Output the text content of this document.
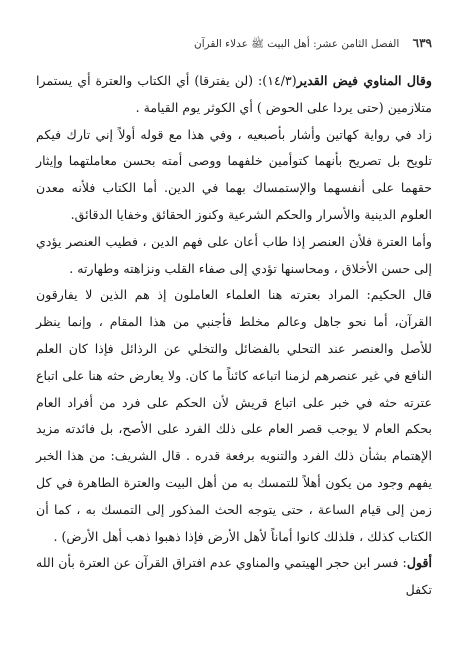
٦٣٩ الفصل الثامن عشر: أهل البيت ﷺ عدلاء القرآن

وقال المناوي فيض القدير(١٤/٣): (لن يفترقا) أي الكتاب والعترة أي يستمرا متلازمين (حتى يردا على الحوض ) أي الكوثر يوم القيامة .

زاد في رواية كهاتين وأشار بأصبعيه ، وفي هذا مع قوله أولاً إني تارك فيكم تلويح بل تصريح بأنهما كتوأمين خلفهما ووصى أمته بحسن معاملتهما وإيثار حقهما على أنفسهما والإستمساك بهما في الدين. أما الكتاب فلأنه معدن العلوم الدينية والأسرار والحكم الشرعية وكنوز الحقائق وخفايا الدقائق.

وأما العترة فلأن العنصر إذا طاب أعان على فهم الدين ، فطيب العنصر يؤدي إلى حسن الأخلاق ، ومحاسنها تؤدي إلى صفاء القلب ونزاهته وطهارته .

قال الحكيم: المراد بعترته هنا العلماء العاملون إذ هم الذين لا يفارقون القرآن، أما نحو جاهل وعالم مخلط فأجنبي من هذا المقام ، وإنما ينظر للأصل والعنصر عند التحلي بالفضائل والتخلي عن الرذائل فإذا كان العلم النافع في غير عنصرهم لزمنا اتباعه كائناً ما كان. ولا يعارض حثه هنا على اتباع عترته حثه في خبر على اتباع قريش لأن الحكم على فرد من أفراد العام بحكم العام لا يوجب قصر العام على ذلك الفرد على الأصح، بل فائدته مزيد الإهتمام بشأن ذلك الفرد والتنويه برفعة قدره . قال الشريف: من هذا الخبر يفهم وجود من يكون أهلاً للتمسك به من أهل البيت والعترة الطاهرة في كل زمن إلى قيام الساعة ، حتى يتوجه الحث المذكور إلى التمسك به ، كما أن الكتاب كذلك ، فلذلك كانوا أماناً لأهل الأرض فإذا ذهبوا ذهب أهل الأرض) .

أقول: فسر ابن حجر الهيتمي والمناوي عدم افتراق القرآن عن العترة بأن الله تكفل
